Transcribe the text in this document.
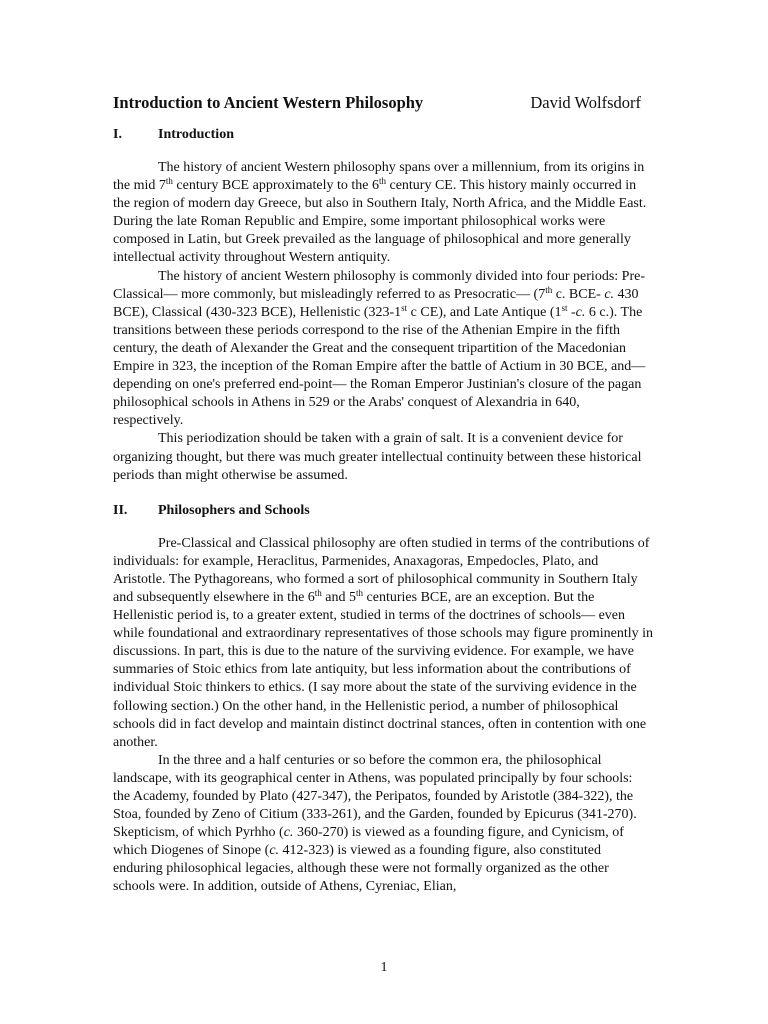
Introduction to Ancient Western Philosophy	David Wolfsdorf
I.	Introduction

The history of ancient Western philosophy spans over a millennium, from its origins in the mid 7th century BCE approximately to the 6th century CE. This history mainly occurred in the region of modern day Greece, but also in Southern Italy, North Africa, and the Middle East. During the late Roman Republic and Empire, some important philosophical works were composed in Latin, but Greek prevailed as the language of philosophical and more generally intellectual activity throughout Western antiquity.

The history of ancient Western philosophy is commonly divided into four periods: Pre-Classical— more commonly, but misleadingly referred to as Presocratic— (7th c. BCE- c. 430 BCE), Classical (430-323 BCE), Hellenistic (323-1st c CE), and Late Antique (1st -c. 6 c.). The transitions between these periods correspond to the rise of the Athenian Empire in the fifth century, the death of Alexander the Great and the consequent tripartition of the Macedonian Empire in 323, the inception of the Roman Empire after the battle of Actium in 30 BCE, and— depending on one's preferred end-point— the Roman Emperor Justinian's closure of the pagan philosophical schools in Athens in 529 or the Arabs' conquest of Alexandria in 640, respectively.

This periodization should be taken with a grain of salt. It is a convenient device for organizing thought, but there was much greater intellectual continuity between these historical periods than might otherwise be assumed.

II.	Philosophers and Schools

Pre-Classical and Classical philosophy are often studied in terms of the contributions of individuals: for example, Heraclitus, Parmenides, Anaxagoras, Empedocles, Plato, and Aristotle. The Pythagoreans, who formed a sort of philosophical community in Southern Italy and subsequently elsewhere in the 6th and 5th centuries BCE, are an exception. But the Hellenistic period is, to a greater extent, studied in terms of the doctrines of schools— even while foundational and extraordinary representatives of those schools may figure prominently in discussions. In part, this is due to the nature of the surviving evidence. For example, we have summaries of Stoic ethics from late antiquity, but less information about the contributions of individual Stoic thinkers to ethics. (I say more about the state of the surviving evidence in the following section.) On the other hand, in the Hellenistic period, a number of philosophical schools did in fact develop and maintain distinct doctrinal stances, often in contention with one another.

In the three and a half centuries or so before the common era, the philosophical landscape, with its geographical center in Athens, was populated principally by four schools: the Academy, founded by Plato (427-347), the Peripatos, founded by Aristotle (384-322), the Stoa, founded by Zeno of Citium (333-261), and the Garden, founded by Epicurus (341-270). Skepticism, of which Pyrhho (c. 360-270) is viewed as a founding figure, and Cynicism, of which Diogenes of Sinope (c. 412-323) is viewed as a founding figure, also constituted enduring philosophical legacies, although these were not formally organized as the other schools were. In addition, outside of Athens, Cyreniac, Elian,

1
